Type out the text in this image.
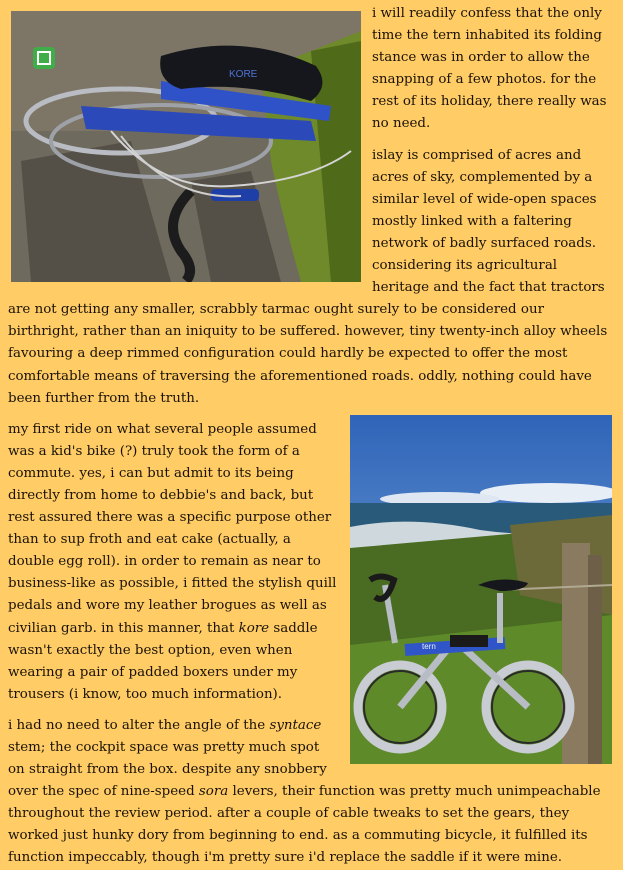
KORE

i will readily confess that the only time the tern inhabited its folding stance was in order to allow the snapping of a few photos. for the rest of its holiday, there really was no need.

islay is comprised of acres and acres of sky, complemented by a similar level of wide-open spaces mostly linked with a faltering network of badly surfaced roads. considering its agricultural heritage and the fact that tractors are not getting any smaller, scrabbly tarmac ought surely to be considered our birthright, rather than an iniquity to be suffered. however, tiny twenty-inch alloy wheels favouring a deep rimmed configuration could hardly be expected to offer the most comfortable means of traversing the aforementioned roads. oddly, nothing could have been further from the truth.

tern

my first ride on what several people assumed was a kid's bike (?) truly took the form of a commute. yes, i can but admit to its being directly from home to debbie's and back, but rest assured there was a specific purpose other than to sup froth and eat cake (actually, a double egg roll). in order to remain as near to business-like as possible, i fitted the stylish quill pedals and wore my leather brogues as well as civilian garb. in this manner, that kore saddle wasn't exactly the best option, even when wearing a pair of padded boxers under my trousers (i know, too much information).

i had no need to alter the angle of the syntace stem; the cockpit space was pretty much spot on straight from the box. despite any snobbery over the spec of nine-speed sora levers, their function was pretty much unimpeachable throughout the review period. after a couple of cable tweaks to set the gears, they worked just hunky dory from beginning to end. as a commuting bicycle, it fulfilled its function impeccably, though i'm pretty sure i'd replace the saddle if it were mine.
